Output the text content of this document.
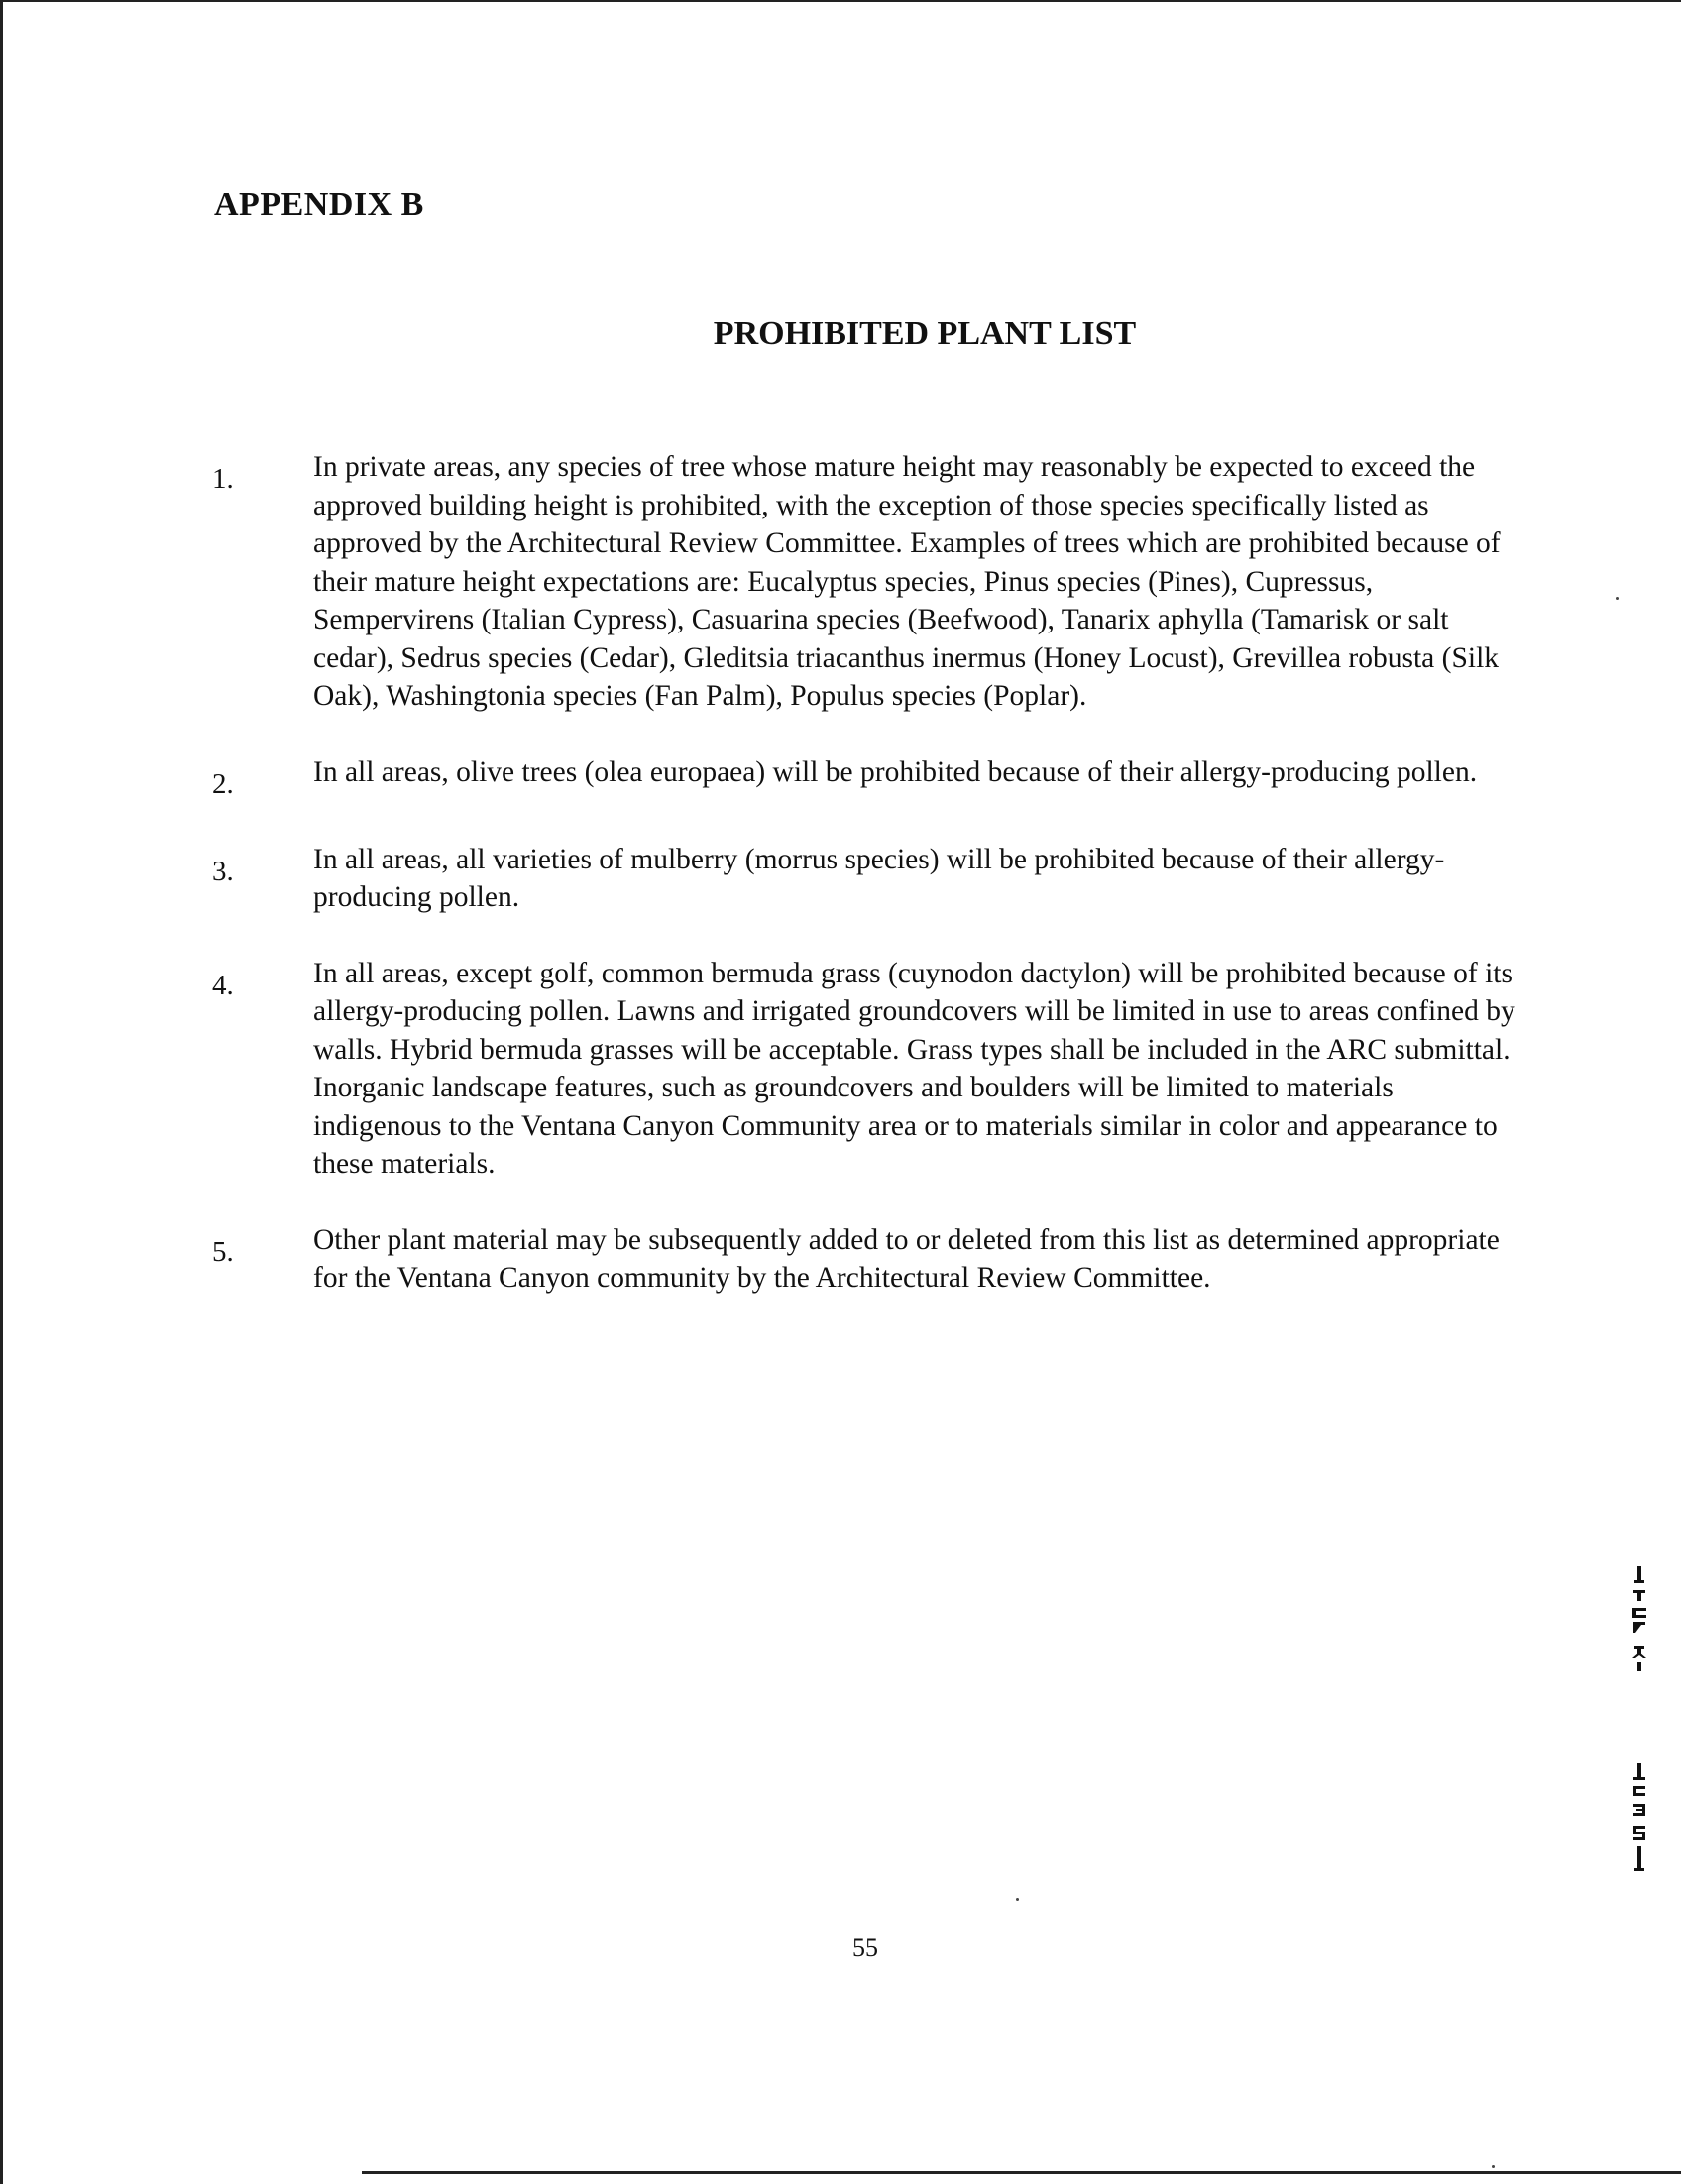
APPENDIX B
PROHIBITED PLANT LIST
1.	In private areas, any species of tree whose mature height may reasonably be expected to exceed the approved building height is prohibited, with the exception of those species specifically listed as approved by the Architectural Review Committee. Examples of trees which are prohibited because of their mature height expectations are: Eucalyptus species, Pinus species (Pines), Cupressus, Sempervirens (Italian Cypress), Casuarina species (Beefwood), Tanarix aphylla (Tamarisk or salt cedar), Sedrus species (Cedar), Gleditsia triacanthus inermus (Honey Locust), Grevillea robusta (Silk Oak), Washingtonia species (Fan Palm), Populus species (Poplar).
2.	In all areas, olive trees (olea europaea) will be prohibited because of their allergy-producing pollen.
3.	In all areas, all varieties of mulberry (morrus species) will be prohibited because of their allergy-producing pollen.
4.	In all areas, except golf, common bermuda grass (cuynodon dactylon) will be prohibited because of its allergy-producing pollen. Lawns and irrigated groundcovers will be limited in use to areas confined by walls. Hybrid bermuda grasses will be acceptable. Grass types shall be included in the ARC submittal. Inorganic landscape features, such as groundcovers and boulders will be limited to materials indigenous to the Ventana Canyon Community area or to materials similar in color and appearance to these materials.
5.	Other plant material may be subsequently added to or deleted from this list as determined appropriate for the Ventana Canyon community by the Architectural Review Committee.
55
